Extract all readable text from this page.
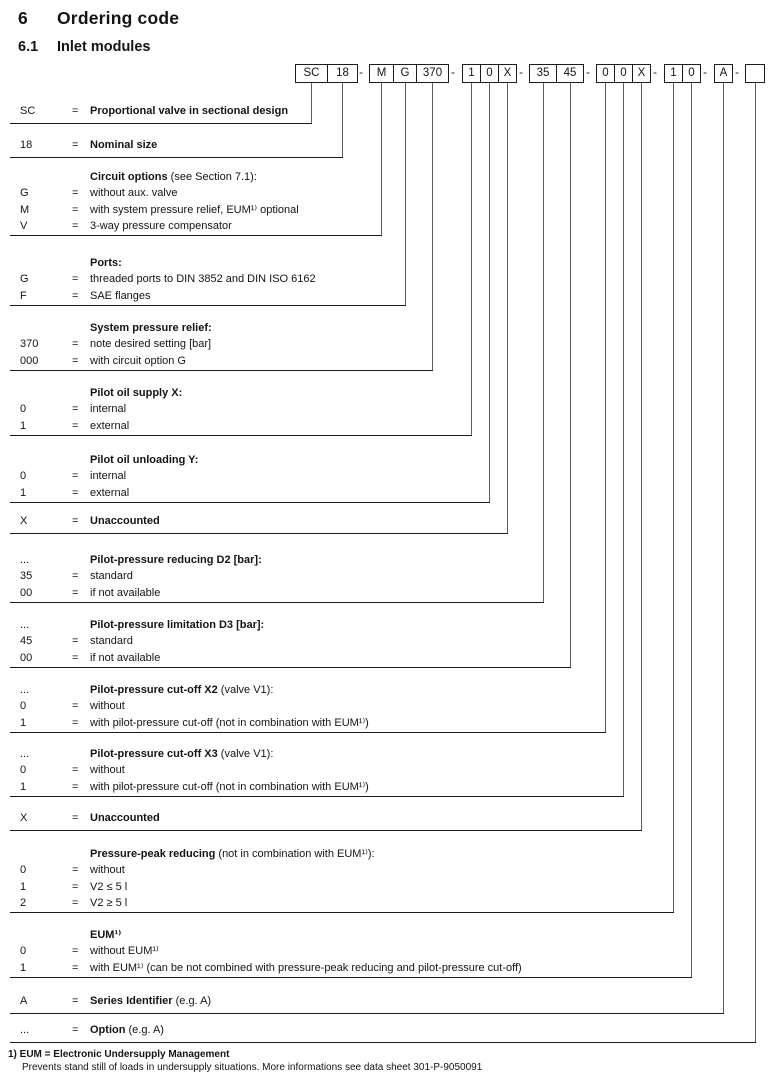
6 Ordering code
6.1 Inlet modules
SC	18	M	G	370	1	0 X	35	45	0	0 X	1	0	A
-	-	-	-	-	- -
SC	=	Proportional valve in sectional design
18	=	Nominal size
Circuit options (see Section 7.1):
G	=	without aux. valve
M	=	with system pressure relief, EUM¹⁾ optional
V	=	3-way pressure compensator
Ports:
G	=	threaded ports to DIN 3852 and DIN ISO 6162
F	=	SAE flanges
System pressure relief:
370	=	note desired setting [bar]
000	=	with circuit option G
Pilot oil supply X:
0	=	internal
1	=	external
Pilot oil unloading Y:
0	=	internal
1	=	external
X	=	Unaccounted
...	Pilot-pressure reducing D2 [bar]:
35	=	standard
00	=	if not available
...	Pilot-pressure limitation D3 [bar]:
45	=	standard
00	=	if not available
...	Pilot-pressure cut-off X2 (valve V1):
0	=	without
1	=	with pilot-pressure cut-off (not in combination with EUM¹⁾)
...	Pilot-pressure cut-off X3 (valve V1):
0	=	without
1	=	with pilot-pressure cut-off (not in combination with EUM¹⁾)
X	=	Unaccounted
Pressure-peak reducing (not in combination with EUM¹⁾):
0	=	without
1	=	V2 ≤ 5 l
2	=	V2 ≥ 5 l
EUM¹⁾
0	=	without EUM¹⁾
1	=	with EUM¹⁾ (can be not combined with pressure-peak reducing and pilot-pressure cut-off)
A	=	Series Identifier (e.g. A)
...	=	Option (e.g. A)
1) EUM = Electronic Undersupply Management
Prevents stand still of loads in undersupply situations. More informations see data sheet 301-P-9050091
